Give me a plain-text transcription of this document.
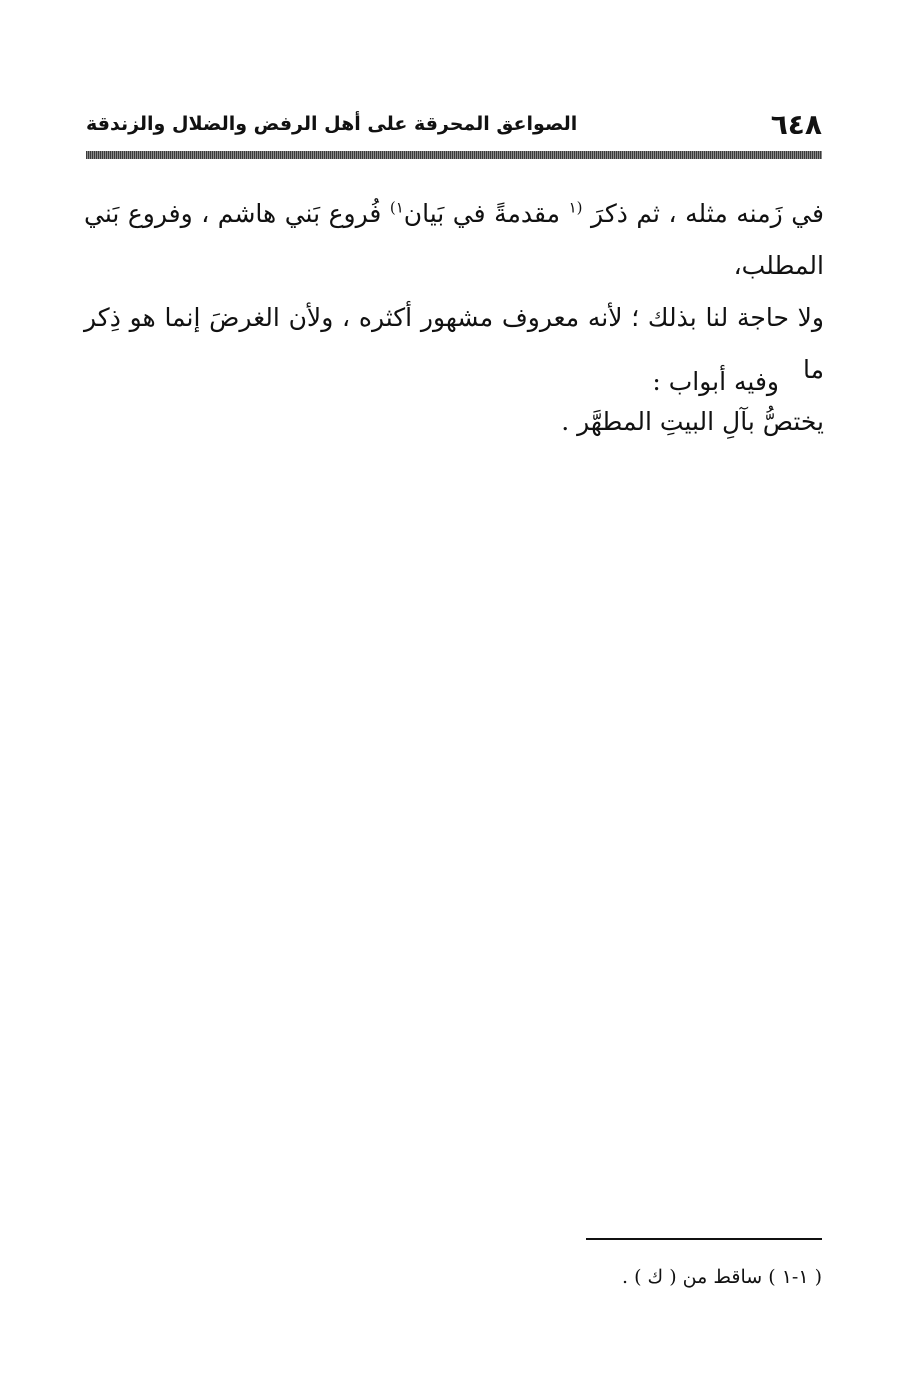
٦٤٨
الصواعق المحرقة على أهل الرفض والضلال والزندقة
في زَمنه مثله ، ثم ذكرَ $^{(١}$ مقدمةً في بَيان$^{١)}$ فُروع بَني هاشم ، وفروع بَني المطلب،
ولا حاجة لنا بذلك ؛ لأنه معروف مشهور أكثره ، ولأن الغرضَ إنما هو ذِكر ما
يختصُّ بآلِ البيتِ المطهَّر .
وفيه أبواب :
( ١-١ ) ساقط من ( ك ) .
